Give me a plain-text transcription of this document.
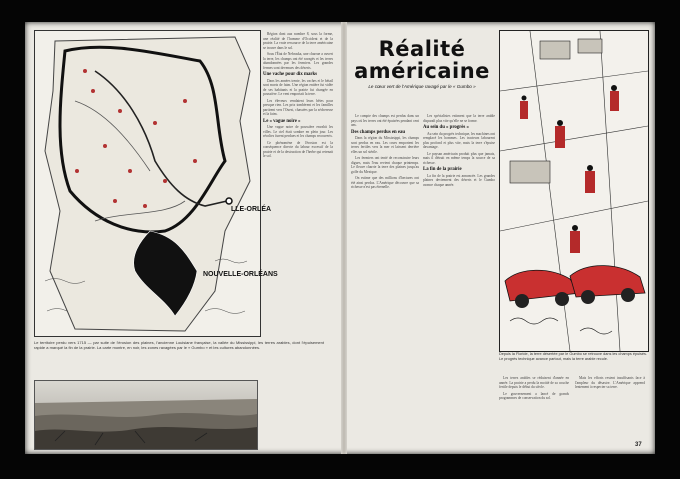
LLE-ORLÉA
NOUVELLE-ORLÉANS
Le territoire perdu vers 1715 — par suite de l'érosion des plaines, l'ancienne Louisiane française, la vallée du Mississippi, les terres arables, dont l'épuisement rapide a marqué la fin de la prairie. La carte montre, en noir, les zones ravagées par le « Gumbo » et les cultures abandonnées.

Région dont aux nombre 8, sous la forme, une réalité de l'homme d'Occident et de la prairie. La vraie ressource de la terre américaine se trouve dans le sol.

Sous l'État de Nebraska, une charrue a ouvert la terre, les champs ont été ravagés et les terres abandonnées par les fermiers. Les grandes fermes sont devenues des déserts.

Une vache pour dix marks

Dans les années trente, les vaches et le bétail sont morts de faim. Une région entière fut vidée de ses habitants et la prairie fut changée en poussière. Le vent emportait la terre.

Les éleveurs vendaient leurs bêtes pour presque rien. Les prix tombèrent et les familles partirent vers l'Ouest, chassées par la sécheresse et la faim.

Le « vague noire »

Une vague noire de poussière envahit les villes. Le ciel était sombre en plein jour. Les récoltes furent perdues et les champs recouverts.

Ce phénomène de l'érosion est la conséquence directe du labour excessif de la prairie et de la destruction de l'herbe qui retenait le sol.

Réalité
américaine
Le cœur vert de l'Amérique ravagé par le « Gumbo »

Le compte des champs est perdus dans un pays où les terres ont été épuisées pendant cent ans.

Des champs perdus en eau

Dans la région du Mississippi, les champs sont perdus en eau. Les crues emportent les terres fertiles vers la mer et laissent derrière elles un sol stérile.

Les fermiers ont tenté de reconstruire leurs digues, mais l'eau revient chaque printemps. Le fleuve charrie la terre des plaines jusqu'au golfe du Mexique.

On estime que des millions d'hectares ont été ainsi perdus. L'Amérique découvre que sa richesse n'est pas éternelle.

Les spécialistes estiment que la terre arable disparaît plus vite qu'elle ne se forme.

Au sein du « progrès »

Au sein du progrès technique, les machines ont remplacé les hommes. Les tracteurs labourent plus profond et plus vite, mais la terre s'épuise davantage.

Le paysan américain produit plus que jamais, mais il détruit en même temps la source de sa richesse.

La fin de la prairie

La fin de la prairie est annoncée. Les grandes plaines deviennent des déserts et le Gumbo avance chaque année.

Depuis la Floride, la terre désertée par le Gumbo se retrouve dans les champs épuisés. Le progrès technique avance partout, mais la terre arable recule.

Les terres arables se réduisent d'année en année. La prairie a perdu la moitié de sa couche fertile depuis le début du siècle.

Le gouvernement a lancé de grands programmes de conservation du sol.

Mais les efforts restent insuffisants face à l'ampleur du désastre. L'Amérique apprend lentement à respecter sa terre.

37
